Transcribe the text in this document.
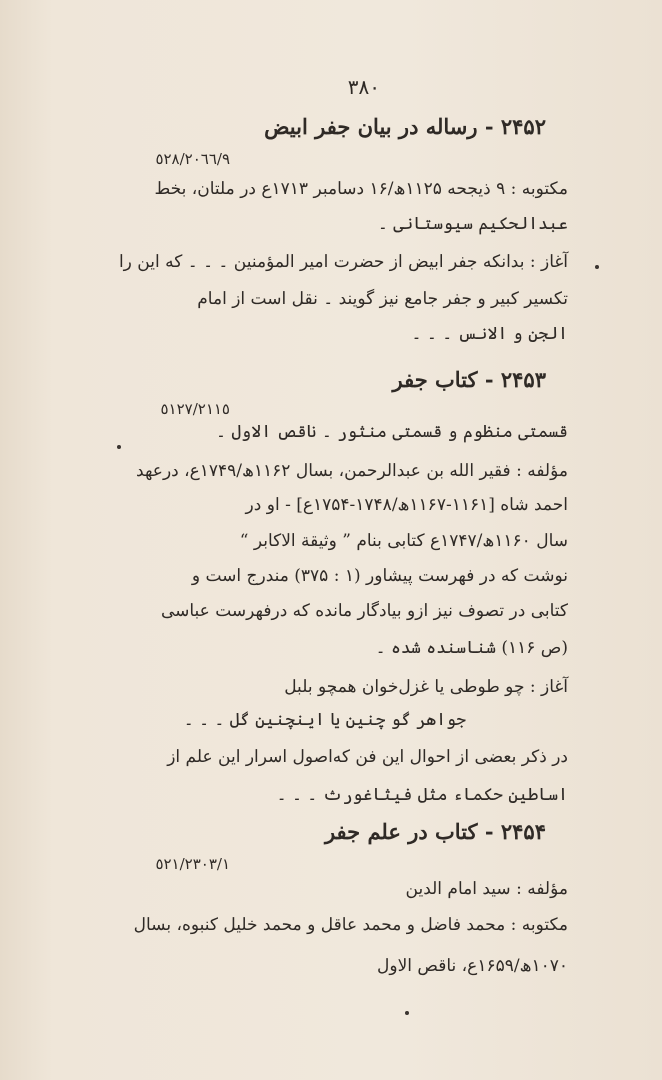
۳۸۰
۲۴۵۲ - رساله در بیان جفر ابیض
٥٢٨/٢٠٦٦/٩
مکتوبه : ۹ ذیجحه ۱۱۲۵ھ/۱۶ دسامبر ۱۷۱۳ع در ملتان، بخط
عبدالحکیم سیوستانی ۔
آغاز : بدانکه جفر ابیض از حضرت امیر المؤمنین ۔ ۔ ۔ که این را
تکسیر کبیر و جفر جامع نیز گویند ۔ نقل است از امام
الجن و الانس ۔ ۔ ۔
۲۴۵۳ - کتاب جفر
٥١٢٧/٢١١٥
قسمتی منظوم و قسمتی منثور ۔ ناقص الاول ۔
مؤلفه : فقیر الله بن عبدالرحمن، بسال ۱۱۶۲ھ/۱۷۴۹ع، درعهد
احمد شاه [۱۱۶۱-۱۱۶۷ھ/۱۷۴۸-۱۷۵۴ع] - او در
سال ۱۱۶۰ھ/۱۷۴۷ع کتابی بنام ” وثیقة الاکابر “
نوشت که در فهرست پیشاور (۱ : ۳۷۵) مندرج است و
کتابی در تصوف نیز ازو بیادگار مانده که درفهرست عباسی
(ص ۱۱۶) شناسنده شده ۔
آغاز : چو طوطی یا غزل‌خوان همچو بلبل
جواهر گو چنین یا اینچنین گل ۔ ۔ ۔
در ذکر بعضی از احوال این فن که‌اصول اسرار این علم از
اساطین حکماء مثل فیثاغورث ۔ ۔ ۔
۲۴۵۴ - کتاب در علم جفر
٥٢١/٢٣٠٣/١
مؤلفه : سید امام الدین
مکتوبه : محمد فاضل و محمد عاقل و محمد خلیل کنبوه، بسال
۱۰۷۰ھ/۱۶۵۹ع، ناقص الاول
